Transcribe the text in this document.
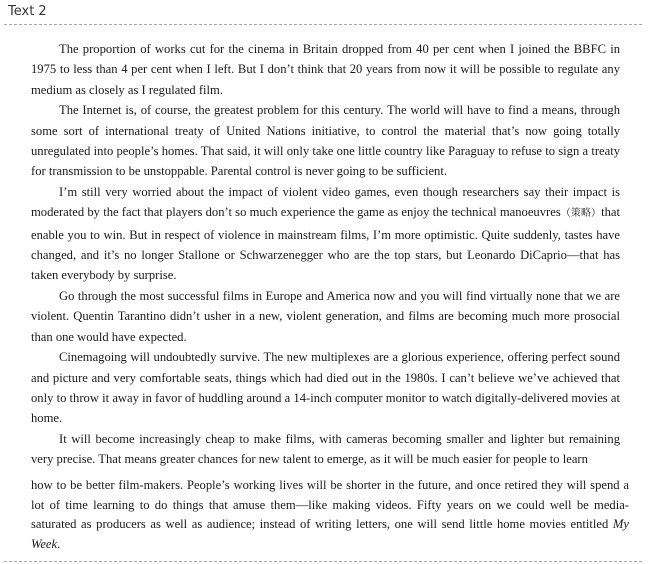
Text 2

The proportion of works cut for the cinema in Britain dropped from 40 per cent when I joined the BBFC in 1975 to less than 4 per cent when I left. But I don’t think that 20 years from now it will be possible to regulate any medium as closely as I regulated film.

The Internet is, of course, the greatest problem for this century. The world will have to find a means, through some sort of international treaty of United Nations initiative, to control the material that’s now going totally unregulated into people’s homes. That said, it will only take one little country like Paraguay to refuse to sign a treaty for transmission to be unstoppable. Parental control is never going to be sufficient.

I’m still very worried about the impact of violent video games, even though researchers say their impact is moderated by the fact that players don’t so much experience the game as enjoy the technical manoeuvres（策略）that enable you to win. But in respect of violence in mainstream films, I’m more optimistic. Quite suddenly, tastes have changed, and it’s no longer Stallone or Schwarzenegger who are the top stars, but Leonardo DiCaprio—that has taken everybody by surprise.

Go through the most successful films in Europe and America now and you will find virtually none that we are violent. Quentin Tarantino didn’t usher in a new, violent generation, and films are becoming much more prosocial than one would have expected.

Cinemagoing will undoubtedly survive. The new multiplexes are a glorious experience, offering perfect sound and picture and very comfortable seats, things which had died out in the 1980s. I can’t believe we’ve achieved that only to throw it away in favor of huddling around a 14-inch computer monitor to watch digitally-delivered movies at home.

It will become increasingly cheap to make films, with cameras becoming smaller and lighter but remaining very precise. That means greater chances for new talent to emerge, as it will be much easier for people to learn

how to be better film-makers. People’s working lives will be shorter in the future, and once retired they will spend a lot of time learning to do things that amuse them—like making videos. Fifty years on we could well be media-saturated as producers as well as audience; instead of writing letters, one will send little home movies entitled My Week.
